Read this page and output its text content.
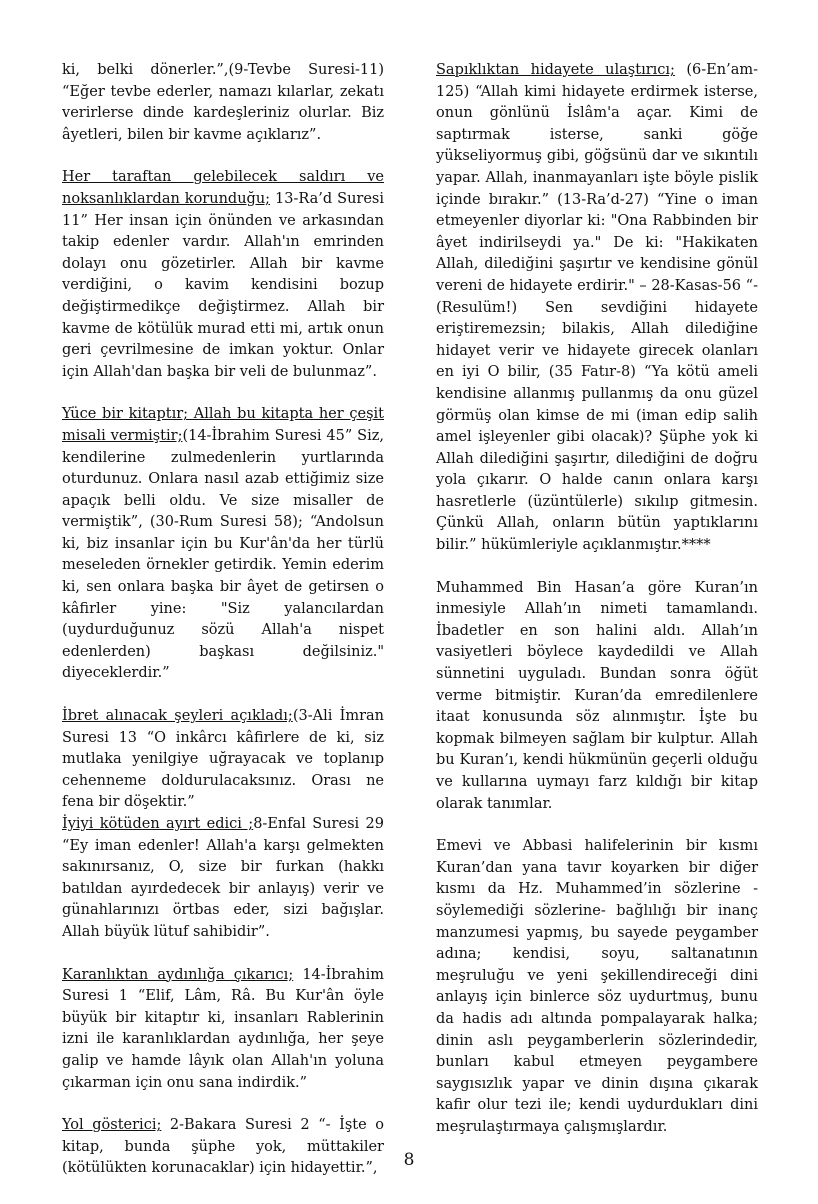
ki, belki dönerler.”,(9-Tevbe Suresi-11) “Eğer tevbe ederler, namazı kılarlar, zekatı verirlerse dinde kardeşleriniz olurlar. Biz âyetleri, bilen bir kavme açıklarız”.

Her taraftan gelebilecek saldırı ve noksanlıklardan korunduğu; 13-Ra’d Suresi 11” Her insan için önünden ve arkasından takip edenler vardır. Allah'ın emrinden dolayı onu gözetirler. Allah bir kavme verdiğini, o kavim kendisini bozup değiştirmedikçe değiştirmez. Allah bir kavme de kötülük murad etti mi, artık onun geri çevrilmesine de imkan yoktur. Onlar için Allah'dan başka bir veli de bulunmaz”.

Yüce bir kitaptır; Allah bu kitapta her çeşit misali vermiştir;(14-İbrahim Suresi 45” Siz, kendilerine zulmedenlerin yurtlarında oturdunuz. Onlara nasıl azab ettiğimiz size apaçık belli oldu. Ve size misaller de vermiştik”, (30-Rum Suresi 58); “Andolsun ki, biz insanlar için bu Kur'ân'da her türlü meseleden örnekler getirdik. Yemin ederim ki, sen onlara başka bir âyet de getirsen o kâfirler yine: "Siz yalancılardan (uydurduğunuz sözü Allah'a nispet edenlerden) başkası değilsiniz." diyeceklerdir.”

İbret alınacak şeyleri açıkladı;(3-Ali İmran Suresi 13 “O inkârcı kâfirlere de ki, siz mutlaka yenilgiye uğrayacak ve toplanıp cehenneme doldurulacaksınız. Orası ne fena bir döşektir.”

İyiyi kötüden ayırt edici ;8-Enfal Suresi 29 “Ey iman edenler! Allah'a karşı gelmekten sakınırsanız, O, size bir furkan (hakkı batıldan ayırdedecek bir anlayış) verir ve günahlarınızı örtbas eder, sizi bağışlar. Allah büyük lütuf sahibidir”.

Karanlıktan aydınlığa çıkarıcı; 14-İbrahim Suresi 1 “Elif, Lâm, Râ. Bu Kur'ân öyle büyük bir kitaptır ki, insanları Rablerinin izni ile karanlıklardan aydınlığa, her şeye galip ve hamde lâyık olan Allah'ın yoluna çıkarman için onu sana indirdik.”

Yol gösterici; 2-Bakara Suresi 2 “- İşte o kitap, bunda şüphe yok, müttakiler (kötülükten korunacaklar) için hidayettir.”,

Sapıklıktan hidayete ulaştırıcı; (6-En’am-125) “Allah kimi hidayete erdirmek isterse, onun gönlünü İslâm'a açar. Kimi de saptırmak isterse, sanki göğe yükseliyormuş gibi, göğsünü dar ve sıkıntılı yapar. Allah, inanmayanları işte böyle pislik içinde bırakır.” (13-Ra’d-27) “Yine o iman etmeyenler diyorlar ki: "Ona Rabbinden bir âyet indirilseydi ya." De ki: "Hakikaten Allah, dilediğini şaşırtır ve kendisine gönül vereni de hidayete erdirir." – 28-Kasas-56 “-(Resulüm!) Sen sevdiğini hidayete eriştiremezsin; bilakis, Allah dilediğine hidayet verir ve hidayete girecek olanları en iyi O bilir, (35 Fatır-8) “Ya kötü ameli kendisine allanmış pullanmış da onu güzel görmüş olan kimse de mi (iman edip salih amel işleyenler gibi olacak)? Şüphe yok ki Allah dilediğini şaşırtır, dilediğini de doğru yola çıkarır. O halde canın onlara karşı hasretlerle (üzüntülerle) sıkılıp gitmesin. Çünkü Allah, onların bütün yaptıklarını bilir.” hükümleriyle açıklanmıştır.****

Muhammed Bin Hasan’a göre Kuran’ın inmesiyle Allah’ın nimeti tamamlandı. İbadetler en son halini aldı. Allah’ın vasiyetleri böylece kaydedildi ve Allah sünnetini uyguladı. Bundan sonra öğüt verme bitmiştir. Kuran’da emredilenlere itaat konusunda söz alınmıştır. İşte bu kopmak bilmeyen sağlam bir kulptur. Allah bu Kuran’ı, kendi hükmünün geçerli olduğu ve kullarına uymayı farz kıldığı bir kitap olarak tanımlar.

Emevi ve Abbasi halifelerinin bir kısmı Kuran’dan yana tavır koyarken bir diğer kısmı da Hz. Muhammed’in sözlerine -söylemediği sözlerine- bağlılığı bir inanç manzumesi yapmış, bu sayede peygamber adına; kendisi, soyu, saltanatının meşruluğu ve yeni şekillendireceği dini anlayış için binlerce söz uydurtmuş, bunu da hadis adı altında pompalayarak halka; dinin aslı peygamberlerin sözlerindedir, bunları kabul etmeyen peygambere saygısızlık yapar ve dinin dışına çıkarak kafir olur tezi ile; kendi uydurdukları dini meşrulaştırmaya çalışmışlardır.

8
